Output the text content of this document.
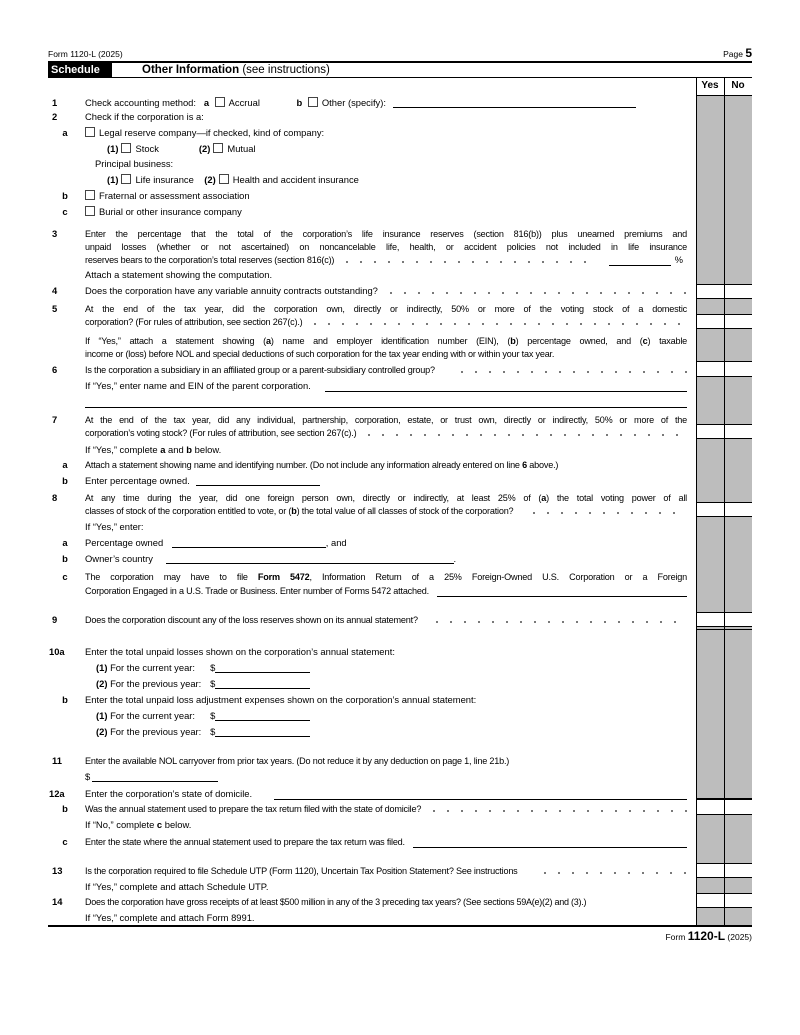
Form 1120-L (2025)	Page 5
Schedule M
Other Information (see instructions)
Yes	No
1	Check accounting method: a Accrual	b Other (specify):
2	Check if the corporation is a:
a	Legal reserve company—if checked, kind of company:
(1) Stock	(2) Mutual
Principal business:
(1) Life insurance (2) Health and accident insurance
b	Fraternal or assessment association
c	Burial or other insurance company
3	Enter the percentage that the total of the corporation’s life insurance reserves (section 816(b)) plus unearned premiums and
unpaid losses (whether or not ascertained) on noncancelable life, health, or accident policies not included in life insurance
reserves bears to the corporation’s total reserves (section 816(c))	%
Attach a statement showing the computation.
4	Does the corporation have any variable annuity contracts outstanding?
5	At the end of the tax year, did the corporation own, directly or indirectly, 50% or more of the voting stock of a domestic
corporation? (For rules of attribution, see section 267(c).)
If “Yes,” attach a statement showing (a) name and employer identification number (EIN), (b) percentage owned, and (c) taxable
income or (loss) before NOL and special deductions of such corporation for the tax year ending with or within your tax year.
6	Is the corporation a subsidiary in an affiliated group or a parent-subsidiary controlled group?
If “Yes,” enter name and EIN of the parent corporation.
7	At the end of the tax year, did any individual, partnership, corporation, estate, or trust own, directly or indirectly, 50% or more of the
corporation’s voting stock? (For rules of attribution, see section 267(c).)
If “Yes,” complete a and b below.
a Attach a statement showing name and identifying number. (Do not include any information already entered on line 6 above.)
b Enter percentage owned.
8	At any time during the year, did one foreign person own, directly or indirectly, at least 25% of (a) the total voting power of all
classes of stock of the corporation entitled to vote, or ( b ) the total value of all classes of stock of the corporation?
If “Yes,” enter:
a Percentage owned	, and
b Owner’s country	.
c The corporation may have to file Form 5472, Information Return of a 25% Foreign-Owned U.S. Corporation or a Foreign
Corporation Engaged in a U.S. Trade or Business. Enter number of Forms 5472 attached.
9	Does the corporation discount any of the loss reserves shown on its annual statement?
10a	Enter the total unpaid losses shown on the corporation’s annual statement:
(1) For the current year: $
(2) For the previous year: $
b Enter the total unpaid loss adjustment expenses shown on the corporation’s annual statement:
(1) For the current year: $
(2) For the previous year: $
11	Enter the available NOL carryover from prior tax years. (Do not reduce it by any deduction on page 1, line 21b.)
$
12a	Enter the corporation’s state of domicile.
b Was the annual statement used to prepare the tax return filed with the state of domicile?
If “No,” complete c below.
c Enter the state where the annual statement used to prepare the tax return was filed.
13	Is the corporation required to file Schedule UTP (Form 1120), Uncertain Tax Position Statement? See instructions
If “Yes,” complete and attach Schedule UTP.
14	Does the corporation have gross receipts of at least $500 million in any of the 3 preceding tax years? (See sections 59A(e)(2) and (3).)
If “Yes,” complete and attach Form 8991.
Form 1120-L (2025)
